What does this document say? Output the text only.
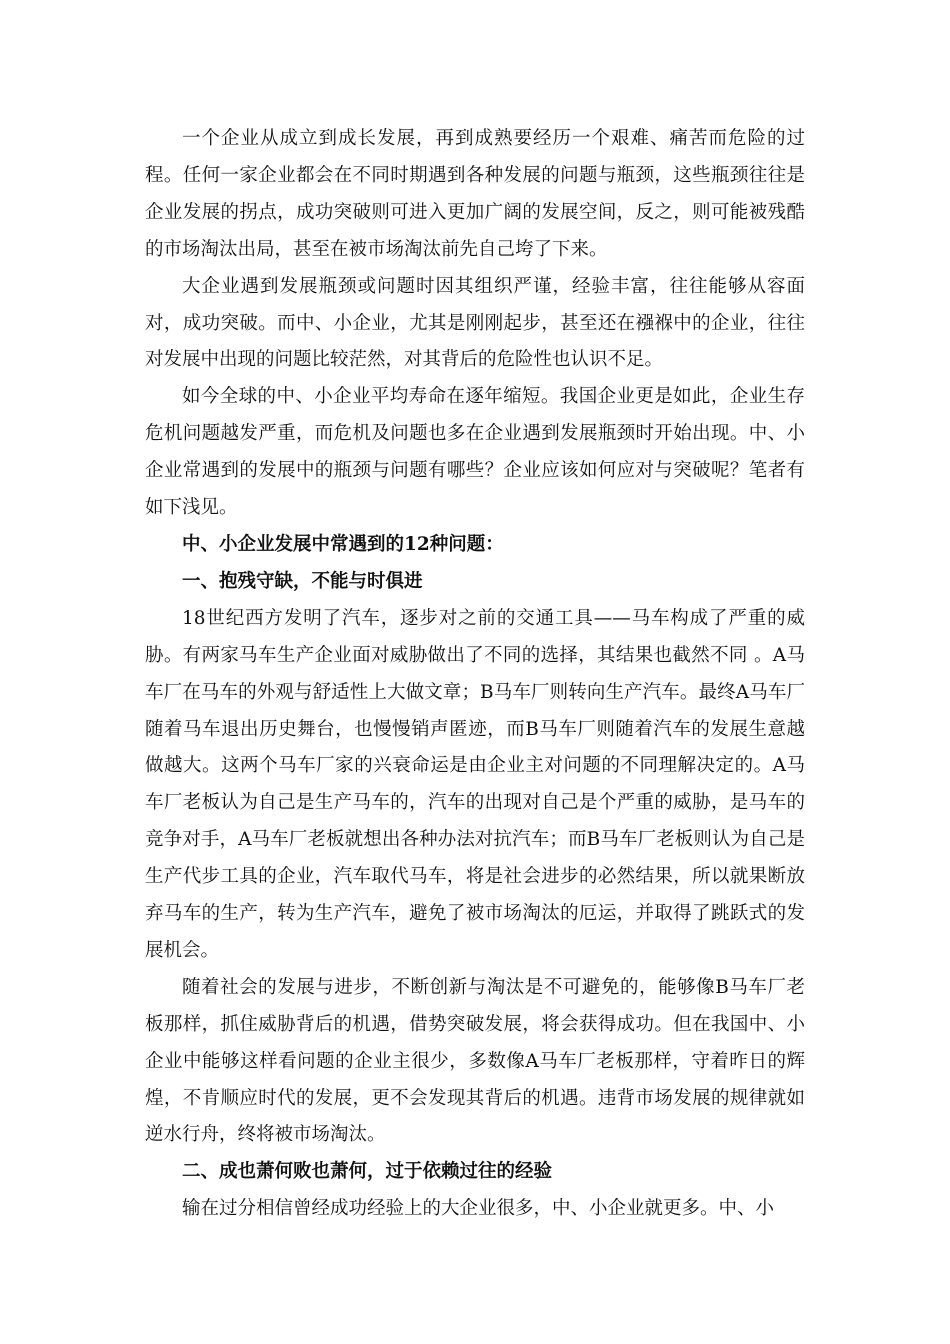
一个企业从成立到成长发展，再到成熟要经历一个艰难、痛苦而危险的过程。任何一家企业都会在不同时期遇到各种发展的问题与瓶颈，这些瓶颈往往是企业发展的拐点，成功突破则可进入更加广阔的发展空间，反之，则可能被残酷的市场淘汰出局，甚至在被市场淘汰前先自己垮了下来。

大企业遇到发展瓶颈或问题时因其组织严谨，经验丰富，往往能够从容面对，成功突破。而中、小企业，尤其是刚刚起步，甚至还在襁褓中的企业，往往对发展中出现的问题比较茫然，对其背后的危险性也认识不足。

如今全球的中、小企业平均寿命在逐年缩短。我国企业更是如此，企业生存危机问题越发严重，而危机及问题也多在企业遇到发展瓶颈时开始出现。中、小企业常遇到的发展中的瓶颈与问题有哪些？企业应该如何应对与突破呢？笔者有如下浅见。

中、小企业发展中常遇到的12种问题：

一、抱残守缺，不能与时俱进

18世纪西方发明了汽车，逐步对之前的交通工具——马车构成了严重的威胁。有两家马车生产企业面对威胁做出了不同的选择，其结果也截然不同 。A马车厂在马车的外观与舒适性上大做文章；B马车厂则转向生产汽车。最终A马车厂随着马车退出历史舞台，也慢慢销声匿迹，而B马车厂则随着汽车的发展生意越做越大。这两个马车厂家的兴衰命运是由企业主对问题的不同理解决定的。A马车厂老板认为自己是生产马车的，汽车的出现对自己是个严重的威胁，是马车的竞争对手，A马车厂老板就想出各种办法对抗汽车；而B马车厂老板则认为自己是生产代步工具的企业，汽车取代马车，将是社会进步的必然结果，所以就果断放弃马车的生产，转为生产汽车，避免了被市场淘汰的厄运，并取得了跳跃式的发展机会。

随着社会的发展与进步，不断创新与淘汰是不可避免的，能够像B马车厂老板那样，抓住威胁背后的机遇，借势突破发展，将会获得成功。但在我国中、小企业中能够这样看问题的企业主很少，多数像A马车厂老板那样，守着昨日的辉煌，不肯顺应时代的发展，更不会发现其背后的机遇。违背市场发展的规律就如逆水行舟，终将被市场淘汰。

二、成也萧何败也萧何，过于依赖过往的经验

输在过分相信曾经成功经验上的大企业很多，中、小企业就更多。中、小
